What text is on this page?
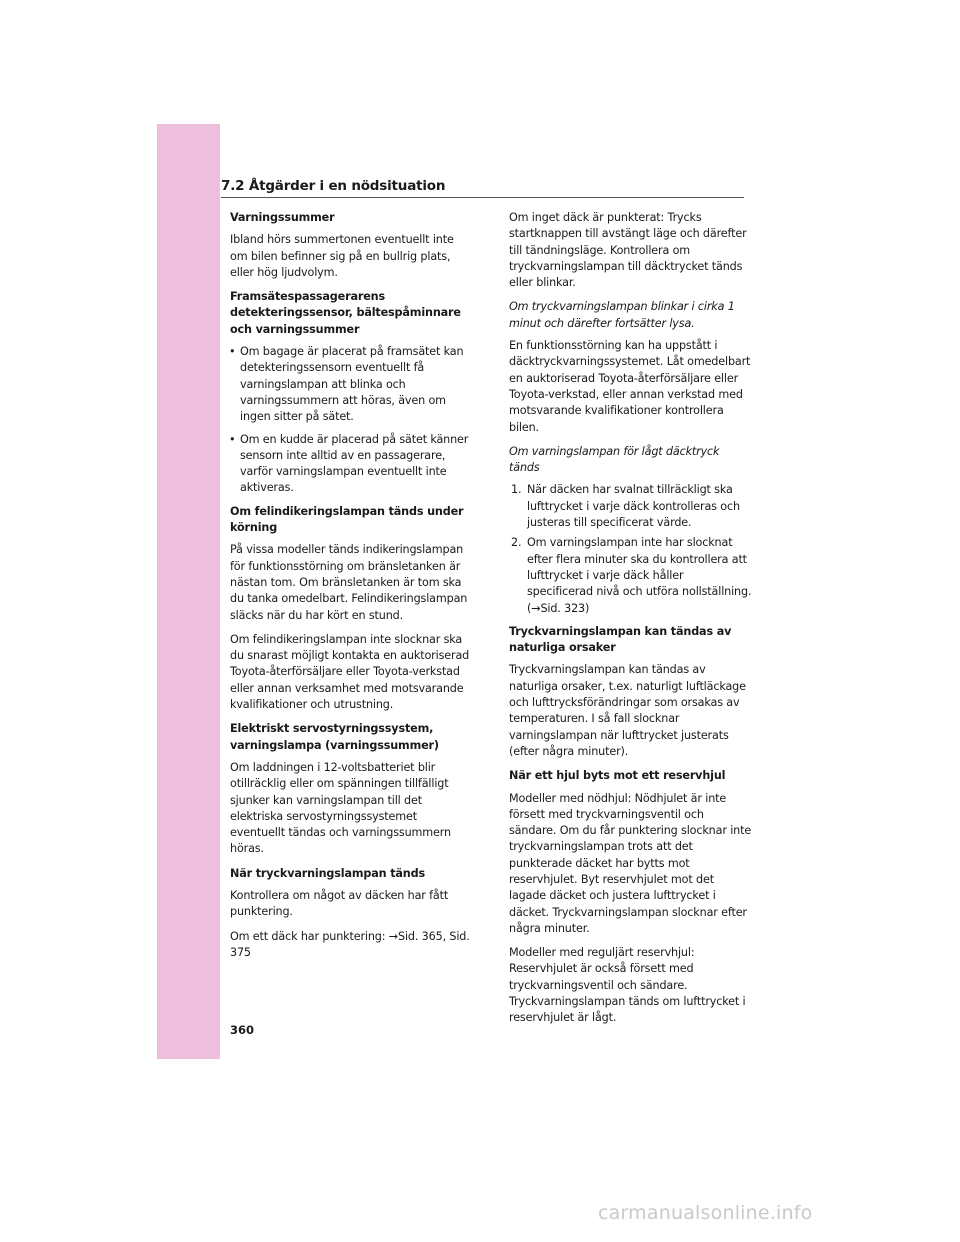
7.2 Åtgärder i en nödsituation

Varningssummer

Ibland hörs summertonen eventuellt inte om bilen befinner sig på en bullrig plats, eller hög ljudvolym.

Framsätespassagerarens detekteringssensor, bältespåminnare och varningssummer

• Om bagage är placerat på framsätet kan detekteringssensorn eventuellt få varningslampan att blinka och varningssummern att höras, även om ingen sitter på sätet.
• Om en kudde är placerad på sätet känner sensorn inte alltid av en passagerare, varför varningslampan eventuellt inte aktiveras.

Om felindikeringslampan tänds under körning

På vissa modeller tänds indikeringslampan för funktionsstörning om bränsletanken är nästan tom. Om bränsletanken är tom ska du tanka omedelbart. Felindikeringslampan släcks när du har kört en stund.

Om felindikeringslampan inte slocknar ska du snarast möjligt kontakta en auktoriserad Toyota-återförsäljare eller Toyota-verkstad eller annan verksamhet med motsvarande kvalifikationer och utrustning.

Elektriskt servostyrningssystem, varningslampa (varningssummer)

Om laddningen i 12-voltsbatteriet blir otillräcklig eller om spänningen tillfälligt sjunker kan varningslampan till det elektriska servostyrningssystemet eventuellt tändas och varningssummern höras.

När tryckvarningslampan tänds

Kontrollera om något av däcken har fått punktering.

Om ett däck har punktering: →Sid. 365, Sid. 375

Om inget däck är punkterat: Trycks startknappen till avstängt läge och därefter till tändningsläge. Kontrollera om tryckvarningslampan till däcktrycket tänds eller blinkar.

Om tryckvarningslampan blinkar i cirka 1 minut och därefter fortsätter lysa.

En funktionsstörning kan ha uppstått i däcktryckvarningssystemet. Låt omedelbart en auktoriserad Toyota-återförsäljare eller Toyota-verkstad, eller annan verkstad med motsvarande kvalifikationer kontrollera bilen.

Om varningslampan för lågt däcktryck tänds

1. När däcken har svalnat tillräckligt ska lufttrycket i varje däck kontrolleras och justeras till specificerat värde.
2. Om varningslampan inte har slocknat efter flera minuter ska du kontrollera att lufttrycket i varje däck håller specificerad nivå och utföra nollställning. (→Sid. 323)

Tryckvarningslampan kan tändas av naturliga orsaker

Tryckvarningslampan kan tändas av naturliga orsaker, t.ex. naturligt luftläckage och lufttrycksförändringar som orsakas av temperaturen. I så fall slocknar varningslampan när lufttrycket justerats (efter några minuter).

När ett hjul byts mot ett reservhjul

Modeller med nödhjul: Nödhjulet är inte försett med tryckvarningsventil och sändare. Om du får punktering slocknar inte tryckvarningslampan trots att det punkterade däcket har bytts mot reservhjulet. Byt reservhjulet mot det lagade däcket och justera lufttrycket i däcket. Tryckvarningslampan slocknar efter några minuter.

Modeller med reguljärt reservhjul: Reservhjulet är också försett med tryckvarningsventil och sändare. Tryckvarningslampan tänds om lufttrycket i reservhjulet är lågt.

360
carmanualsonline.info
